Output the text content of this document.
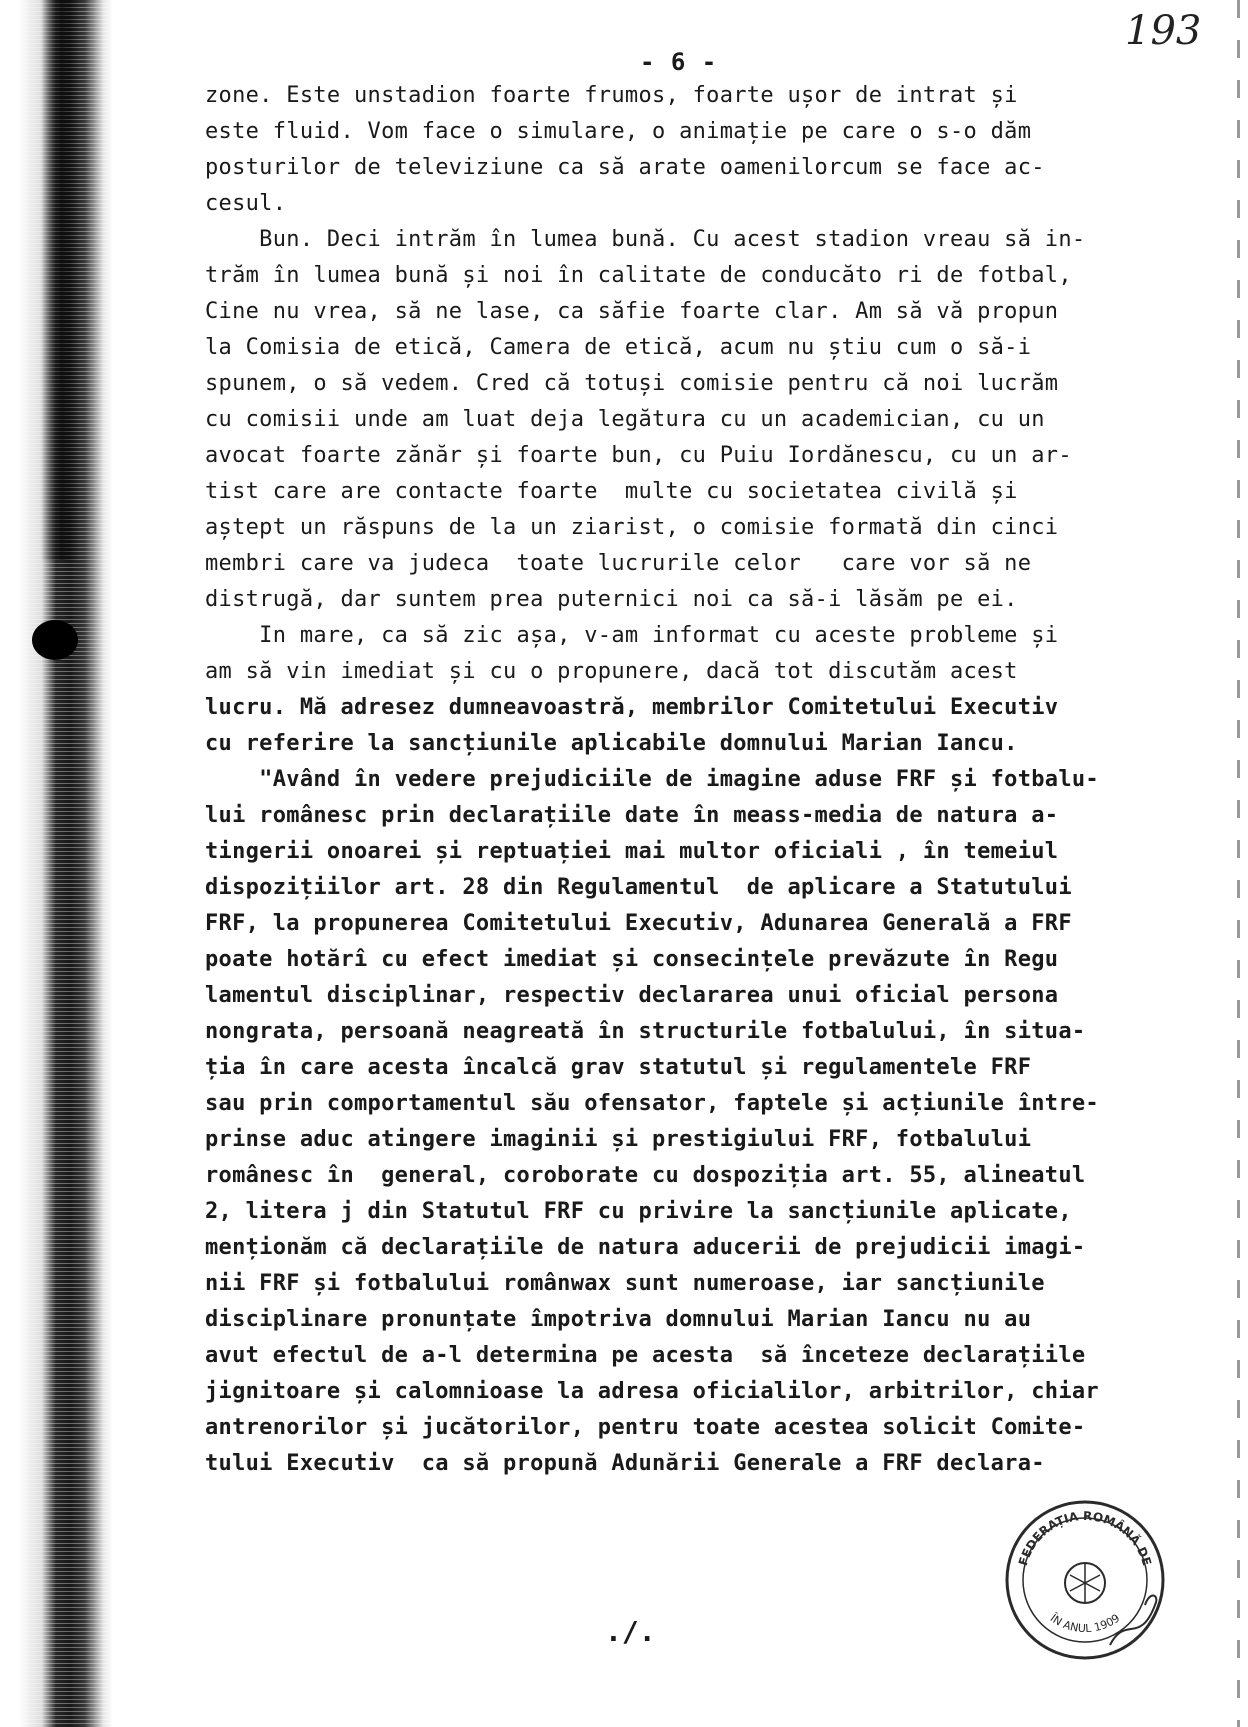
193
- 6 -
zone. Este unstadion foarte frumos, foarte ușor de intrat și
este fluid. Vom face o simulare, o animație pe care o s-o dăm
posturilor de televiziune ca să arate oamenilorcum se face ac-
cesul.
Bun. Deci intrăm în lumea bună. Cu acest stadion vreau să in-
trăm în lumea bună și noi în calitate de conducăto ri de fotbal,
Cine nu vrea, să ne lase, ca săfie foarte clar. Am să vă propun
la Comisia de etică, Camera de etică, acum nu știu cum o să-i
spunem, o să vedem. Cred că totuși comisie pentru că noi lucrăm
cu comisii unde am luat deja legătura cu un academician, cu un
avocat foarte zănăr și foarte bun, cu Puiu Iordănescu, cu un ar-
tist care are contacte foarte  multe cu societatea civilă și
aștept un răspuns de la un ziarist, o comisie formată din cinci
membri care va judeca  toate lucrurile celor   care vor să ne
distrugă, dar suntem prea puternici noi ca să-i lăsăm pe ei.
In mare, ca să zic așa, v-am informat cu aceste probleme și
am să vin imediat și cu o propunere, dacă tot discutăm acest
lucru. Mă adresez dumneavoastră, membrilor Comitetului Executiv
cu referire la sancțiunile aplicabile domnului Marian Iancu.
"Având în vedere prejudiciile de imagine aduse FRF și fotbalu-
lui românesc prin declarațiile date în meass-media de natura a-
tingerii onoarei și reptuației mai multor oficiali , în temeiul
dispozițiilor art. 28 din Regulamentul  de aplicare a Statutului
FRF, la propunerea Comitetului Executiv, Adunarea Generală a FRF
poate hotărî cu efect imediat și consecințele prevăzute în Regu
lamentul disciplinar, respectiv declararea unui oficial persona
nongrata, persoană neagreată în structurile fotbalului, în situa-
ția în care acesta încalcă grav statutul și regulamentele FRF
sau prin comportamentul său ofensator, faptele și acțiunile între-
prinse aduc atingere imaginii și prestigiului FRF, fotbalului
românesc în  general, coroborate cu dospoziția art. 55, alineatul
2, litera j din Statutul FRF cu privire la sancțiunile aplicate,
menționăm că declarațiile de natura aducerii de prejudicii imagi-
nii FRF și fotbalului românwax sunt numeroase, iar sancțiunile
disciplinare pronunțate împotriva domnului Marian Iancu nu au
avut efectul de a-l determina pe acesta  să înceteze declarațiile
jignitoare și calomnioase la adresa oficialilor, arbitrilor, chiar
antrenorilor și jucătorilor, pentru toate acestea solicit Comite-
tului Executiv  ca să propună Adunării Generale a FRF declara-
./.
FEDERAȚIA ROMÂNĂ DE
ÎN ANUL 1909
